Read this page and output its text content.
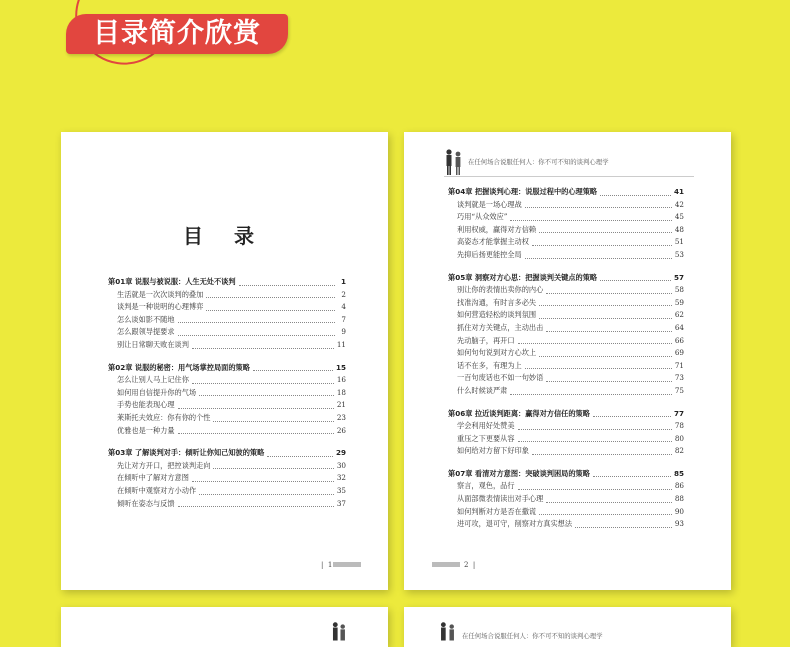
目录简介欣赏
目 录
第01章 说服与被说服：人生无处不谈判	1
生活就是一次次谈判的叠加	2
谈判是一种说明的心理博弈	4
怎么谈如影不随地	7
怎么跟领导提要求	9
别让日常聊天败在谈判	11
第02章 说服的秘密：用气场掌控局面的策略	15
怎么让别人马上记住你	16
如何用自信提升你的气场	18
手势也能表现心理	21
莱斯托夫效应：你有你的个性	23
优雅也是一种力量	26
第03章 了解谈判对手：倾听让你知己知彼的策略	29
先让对方开口，把控谈判走向	30
在倾听中了解对方意图	32
在倾听中观察对方小动作	35
倾听在姿态与反馈	37
|  1
在任何场合说服任何人：你不可不知的谈判心理学
第04章 把握谈判心理：说服过程中的心理策略	41
谈判就是一场心理战	42
巧用“从众效应”	45
利用权威，赢得对方信赖	48
高姿态才能掌握主动权	51
先抑后扬更能控全局	53
第05章 洞察对方心思：把握谈判关键点的策略	57
别让你的表情出卖你的内心	58
找准沟通，有时言多必失	59
如何营造轻松的谈判氛围	62
抓住对方关键点，主动出击	64
先动脑子，再开口	66
如何句句说到对方心坎上	69
话不在多，有理为上	71
一百句废话也不如一句妙语	73
什么时候谈严肃	75
第06章 拉近谈判距离：赢得对方信任的策略	77
学会利用好处赞美	78
重压之下更要从容	80
如何给对方留下好印象	82
第07章 看清对方意图：突破谈判困局的策略	85
察言，观色，品行	86
从面部微表情读出对手心理	88
如何判断对方是否在撒谎	90
进可攻，退可守，削察对方真实想法	93
2  |
在任何场合说服任何人：你不可不知的谈判心理学
